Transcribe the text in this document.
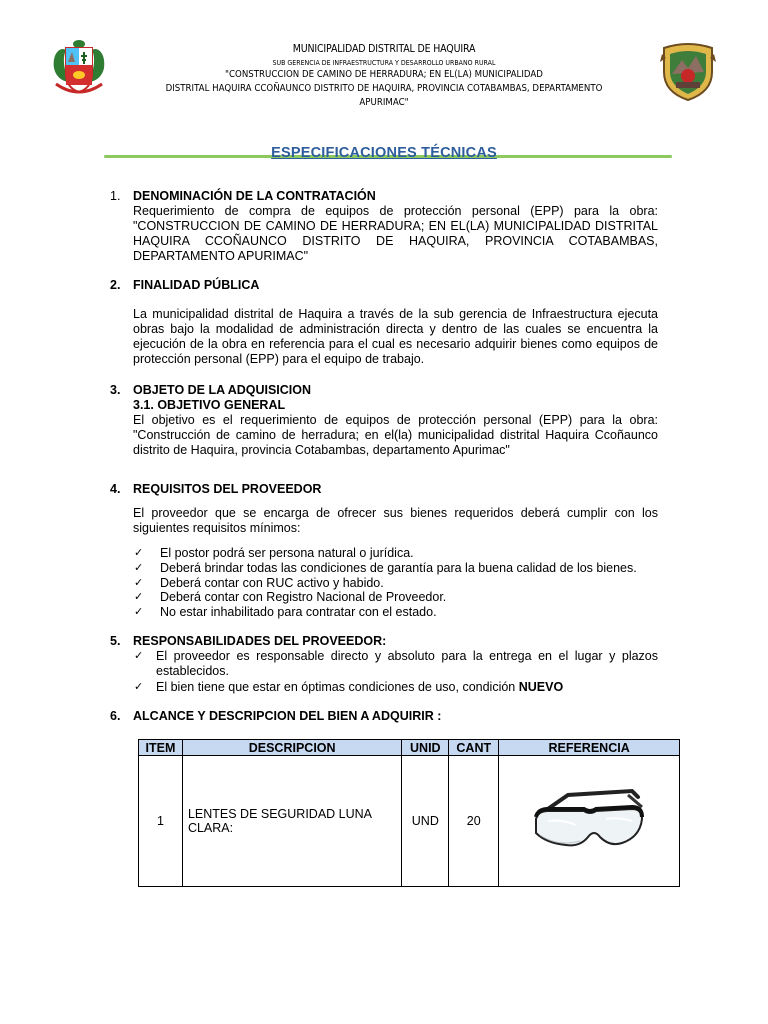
MUNICIPALIDAD DISTRITAL DE HAQUIRA
SUB GERENCIA DE INFRAESTRUCTURA Y DESARROLLO URBANO RURAL
"CONSTRUCCION DE CAMINO DE HERRADURA; EN EL(LA) MUNICIPALIDAD
DISTRITAL HAQUIRA CCOÑAUNCO DISTRITO DE HAQUIRA, PROVINCIA COTABAMBAS, DEPARTAMENTO
APURIMAC"
ESPECIFICACIONES TÉCNICAS
1. DENOMINACIÓN DE LA CONTRATACIÓN
Requerimiento de compra de equipos de protección personal (EPP) para la obra: "CONSTRUCCION DE CAMINO DE HERRADURA; EN EL(LA) MUNICIPALIDAD DISTRITAL HAQUIRA CCOÑAUNCO DISTRITO DE HAQUIRA, PROVINCIA COTABAMBAS, DEPARTAMENTO APURIMAC"
2. FINALIDAD PÚBLICA
La municipalidad distrital de Haquira a través de la sub gerencia de Infraestructura ejecuta obras bajo la modalidad de administración directa y dentro de las cuales se encuentra la ejecución de la obra en referencia para el cual es necesario adquirir bienes como equipos de protección personal (EPP) para el equipo de trabajo.
3. OBJETO DE LA ADQUISICION
3.1. OBJETIVO GENERAL
El objetivo es el requerimiento de equipos de protección personal (EPP) para la obra: "Construcción de camino de herradura; en el(la) municipalidad distrital Haquira Ccoñaunco distrito de Haquira, provincia Cotabambas, departamento Apurimac"
4. REQUISITOS DEL PROVEEDOR
El proveedor que se encarga de ofrecer sus bienes requeridos deberá cumplir con los siguientes requisitos mínimos:
✓ El postor podrá ser persona natural o jurídica.
✓ Deberá brindar todas las condiciones de garantía para la buena calidad de los bienes.
✓ Deberá contar con RUC activo y habido.
✓ Deberá contar con Registro Nacional de Proveedor.
✓ No estar inhabilitado para contratar con el estado.
5. RESPONSABILIDADES DEL PROVEEDOR:
✓ El proveedor es responsable directo y absoluto para la entrega en el lugar y plazos establecidos.
✓ El bien tiene que estar en óptimas condiciones de uso, condición NUEVO
6. ALCANCE Y DESCRIPCION DEL BIEN A ADQUIRIR :
ITEM	DESCRIPCION	UNID	CANT	REFERENCIA
1	LENTES DE SEGURIDAD LUNA CLARA:	UND	20	
